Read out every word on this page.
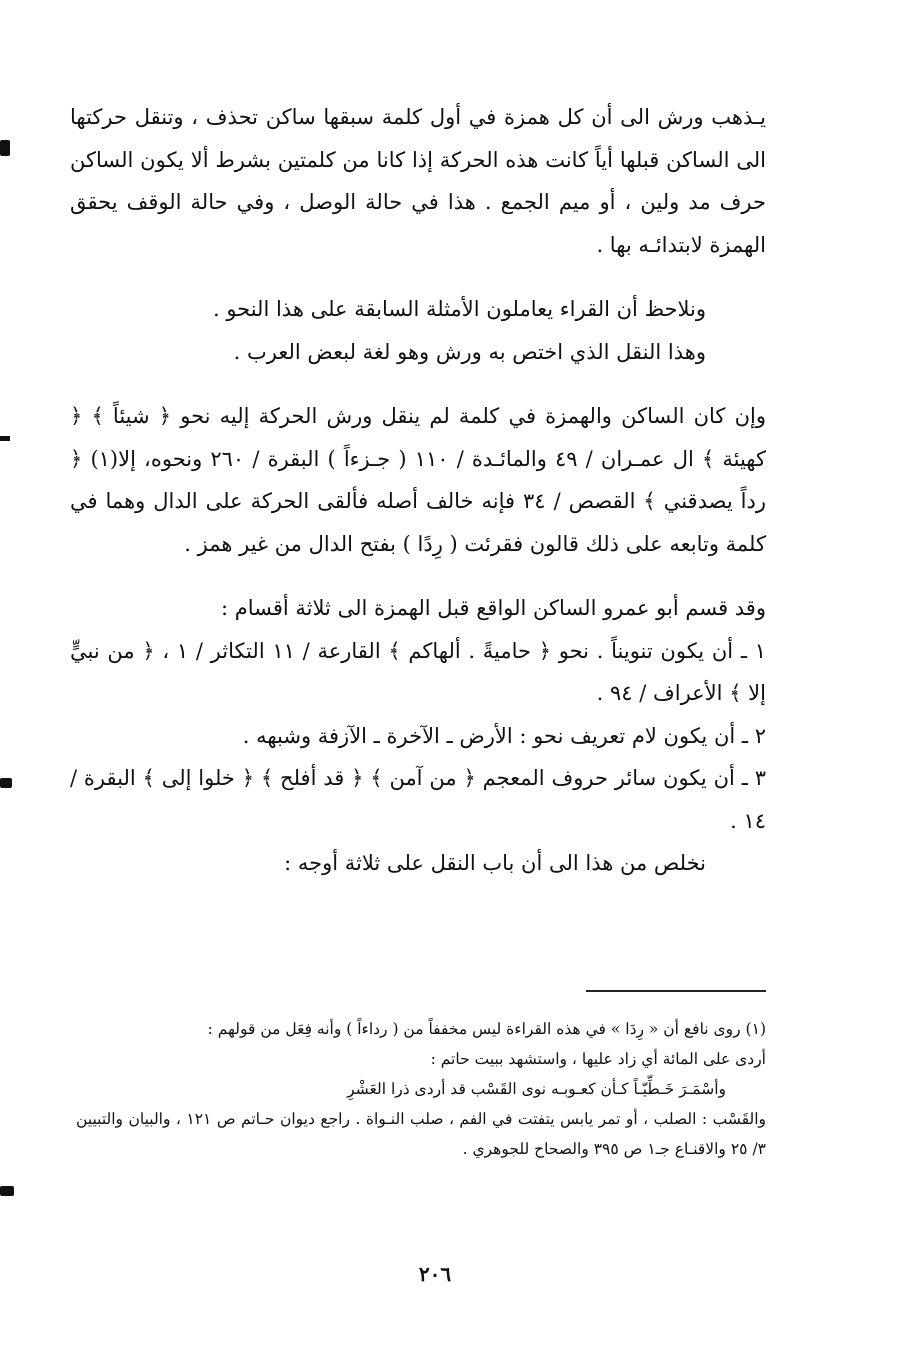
يـذهب ورش الى أن كل همزة في أول كلمة سبقها ساكن تحذف ، وتنقل حركتها الى الساكن قبلها أياً كانت هذه الحركة إذا كانا من كلمتين بشرط ألا يكون الساكن حرف مد ولين ، أو ميم الجمع . هذا في حالة الوصل ، وفي حالة الوقف يحقق الهمزة لابتدائـه بها .

ونلاحظ أن القراء يعاملون الأمثلة السابقة على هذا النحو .

وهذا النقل الذي اختص به ورش وهو لغة لبعض العرب .

وإن كان الساكن والهمزة في كلمة لم ينقل ورش الحركة إليه نحو ﴿ شيئاً ﴾ ﴿ كهيئة ﴾ ال عمـران / ٤٩ والمائـدة / ١١٠ ( جـزءاً ) البقرة / ٢٦٠ ونحوه، إلا(١) ﴿ رداً يصدقني ﴾ القصص / ٣٤ فإنه خالف أصله فألقى الحركة على الدال وهما في كلمة وتابعه على ذلك قالون فقرئت ( رِدًا ) بفتح الدال من غير همز .

وقد قسم أبو عمرو الساكن الواقع قبل الهمزة الى ثلاثة أقسام :

١ ـ أن يكون تنويناً . نحو ﴿ حاميةً . ألهاكم ﴾ القارعة / ١١ التكاثر / ١ ، ﴿ من نبيٍّ إلا ﴾ الأعراف / ٩٤ .

٢ ـ أن يكون لام تعريف نحو : الأرض ـ الآخرة ـ الآزفة وشبهه .

٣ ـ أن يكون سائر حروف المعجم ﴿ من آمن ﴾ ﴿ قد أفلح ﴾ ﴿ خلوا إلى ﴾ البقرة / ١٤ .

نخلص من هذا الى أن باب النقل على ثلاثة أوجه :

(١) روى نافع أن « رِدَا » في هذه القراءة ليس مخففاً من ( رداءاً ) وأنه فِعَل من قولهم :

أردى على المائة أي زاد عليها ، واستشهد ببيت حاتم :

وأسْمَـرَ خَـطِّيّـاً كـأن كعـوبـه نوى القَسْب قد أردى ذرا العَشْرِ

والقَسْب : الصلب ، أو تمر يابس يتفتت في الفم ، صلب النـواة . راجع ديوان حـاتم ص ١٢١ ، والبيان والتبيين ٣/ ٢٥ والاقنـاع جـ١ ص ٣٩٥ والصحاح للجوهري .

٢٠٦
